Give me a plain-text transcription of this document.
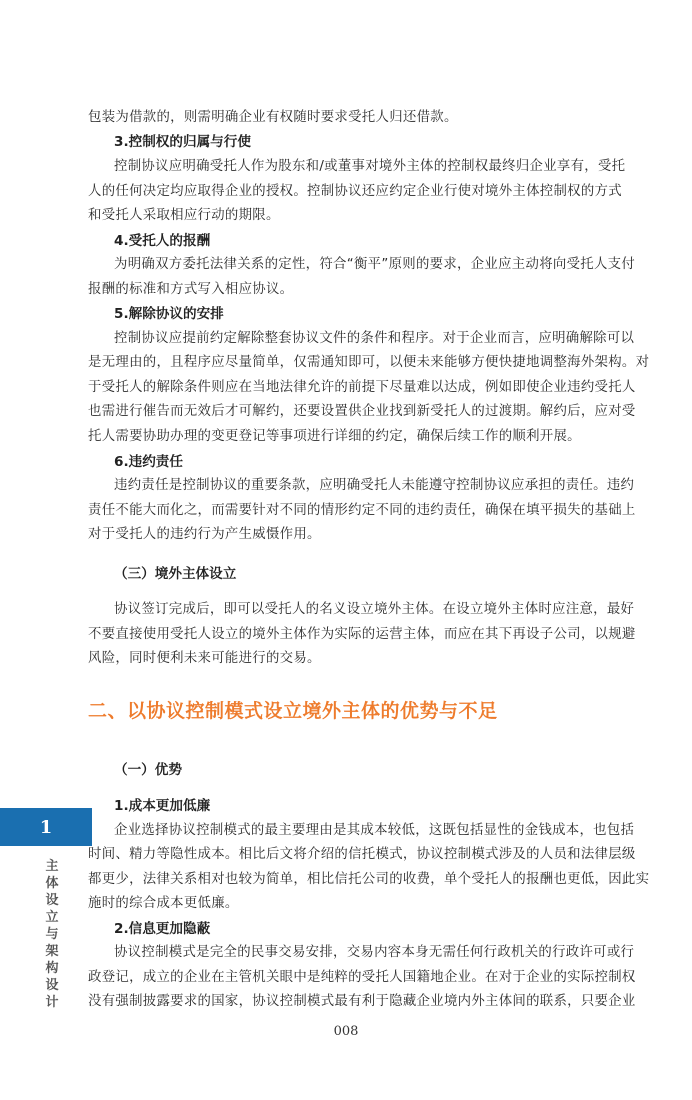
包装为借款的，则需明确企业有权随时要求受托人归还借款。
3.控制权的归属与行使
控制协议应明确受托人作为股东和/或董事对境外主体的控制权最终归企业享有，受托
人的任何决定均应取得企业的授权。控制协议还应约定企业行使对境外主体控制权的方式
和受托人采取相应行动的期限。
4.受托人的报酬
为明确双方委托法律关系的定性，符合“衡平”原则的要求，企业应主动将向受托人支付
报酬的标准和方式写入相应协议。
5.解除协议的安排
控制协议应提前约定解除整套协议文件的条件和程序。对于企业而言，应明确解除可以
是无理由的，且程序应尽量简单，仅需通知即可，以便未来能够方便快捷地调整海外架构。对
于受托人的解除条件则应在当地法律允许的前提下尽量难以达成，例如即使企业违约受托人
也需进行催告而无效后才可解约，还要设置供企业找到新受托人的过渡期。解约后，应对受
托人需要协助办理的变更登记等事项进行详细的约定，确保后续工作的顺利开展。
6.违约责任
违约责任是控制协议的重要条款，应明确受托人未能遵守控制协议应承担的责任。违约
责任不能大而化之，而需要针对不同的情形约定不同的违约责任，确保在填平损失的基础上
对于受托人的违约行为产生威慑作用。
（三）境外主体设立
协议签订完成后，即可以受托人的名义设立境外主体。在设立境外主体时应注意，最好
不要直接使用受托人设立的境外主体作为实际的运营主体，而应在其下再设子公司，以规避
风险，同时便利未来可能进行的交易。
二、以协议控制模式设立境外主体的优势与不足
（一）优势
1.成本更加低廉
企业选择协议控制模式的最主要理由是其成本较低，这既包括显性的金钱成本，也包括
时间、精力等隐性成本。相比后文将介绍的信托模式，协议控制模式涉及的人员和法律层级
都更少，法律关系相对也较为简单，相比信托公司的收费，单个受托人的报酬也更低，因此实
施时的综合成本更低廉。
2.信息更加隐蔽
协议控制模式是完全的民事交易安排，交易内容本身无需任何行政机关的行政许可或行
政登记，成立的企业在主管机关眼中是纯粹的受托人国籍地企业。在对于企业的实际控制权
没有强制披露要求的国家，协议控制模式最有利于隐藏企业境内外主体间的联系，只要企业
1
主
体
设
立
与
架
构
设
计
008
